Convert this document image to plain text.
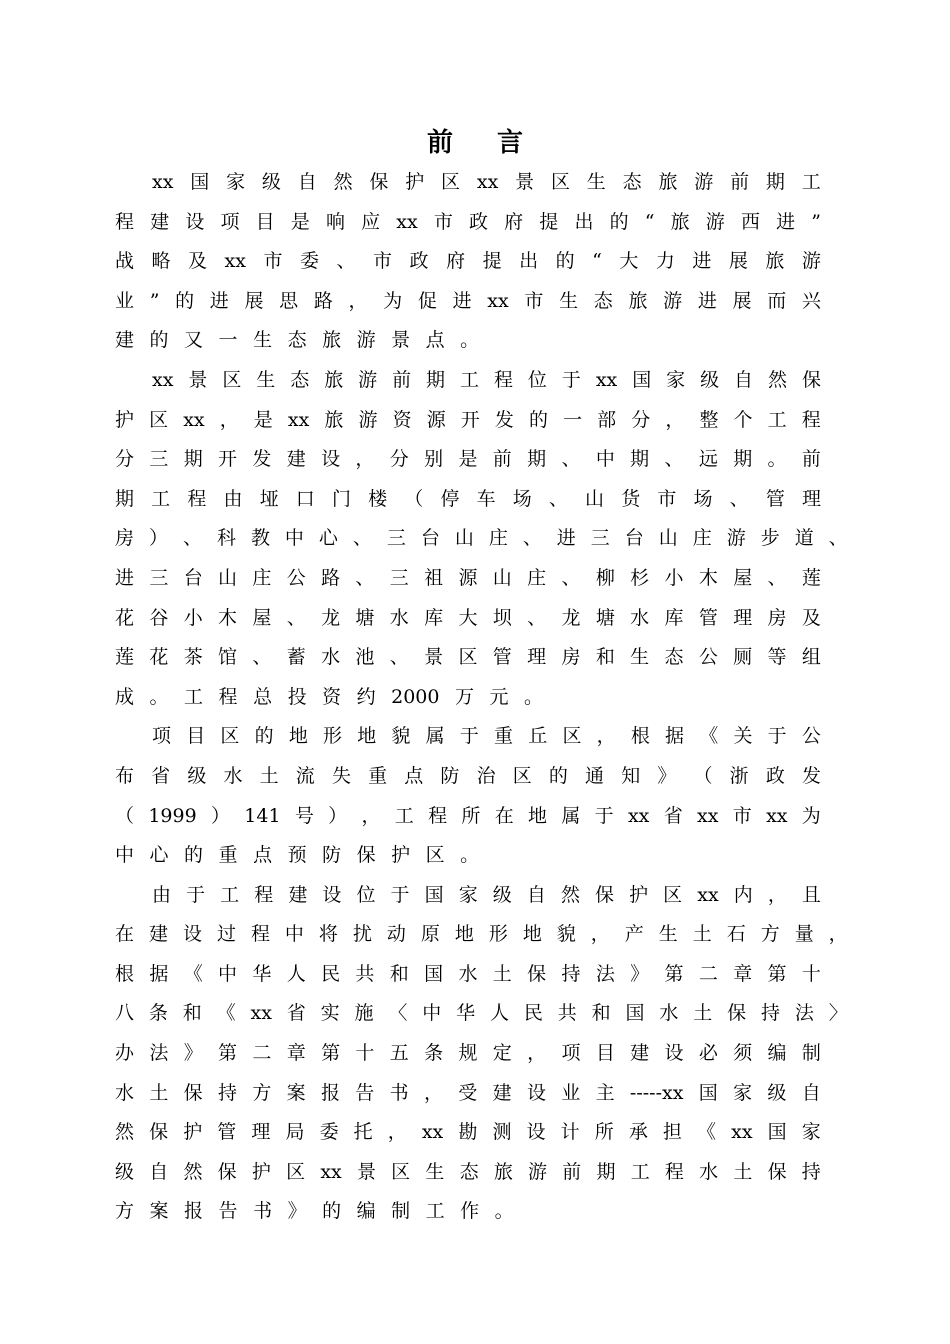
前言
xx 国 家 级 自 然 保 护 区 xx 景 区 生 态 旅 游 前 期 工
程 建 设 项 目 是 响 应 xx 市 政 府 提 出 的 “ 旅 游 西 进 ”
战 略 及 xx 市 委 、 市 政 府 提 出 的 “ 大 力 进 展 旅 游
业 ” 的 进 展 思 路 ， 为 促 进 xx 市 生 态 旅 游 进 展 而 兴
建 的 又 一 生 态 旅 游 景 点 。
xx 景 区 生 态 旅 游 前 期 工 程 位 于 xx 国 家 级 自 然 保
护 区 xx ， 是 xx 旅 游 资 源 开 发 的 一 部 分 ， 整 个 工 程
分 三 期 开 发 建 设 ， 分 别 是 前 期 、 中 期 、 远 期 。 前
期 工 程 由 垭 口 门 楼 （ 停 车 场 、 山 货 市 场 、 管 理
房 ） 、 科 教 中 心 、 三 台 山 庄 、 进 三 台 山 庄 游 步 道 、
进 三 台 山 庄 公 路 、 三 祖 源 山 庄 、 柳 杉 小 木 屋 、 莲
花 谷 小 木 屋 、 龙 塘 水 库 大 坝 、 龙 塘 水 库 管 理 房 及
莲 花 茶 馆 、 蓄 水 池 、 景 区 管 理 房 和 生 态 公 厕 等 组
成 。 工 程 总 投 资 约 2000 万 元 。
项 目 区 的 地 形 地 貌 属 于 重 丘 区 ， 根 据 《 关 于 公
布 省 级 水 土 流 失 重 点 防 治 区 的 通 知 》 （ 浙 政 发
（ 1999 ） 141 号 ） ， 工 程 所 在 地 属 于 xx 省 xx 市 xx 为
中 心 的 重 点 预 防 保 护 区 。
由 于 工 程 建 设 位 于 国 家 级 自 然 保 护 区 xx 内 ， 且
在 建 设 过 程 中 将 扰 动 原 地 形 地 貌 ， 产 生 土 石 方 量 ，
根 据 《 中 华 人 民 共 和 国 水 土 保 持 法 》 第 二 章 第 十
八 条 和 《 xx 省 实 施 〈 中 华 人 民 共 和 国 水 土 保 持 法 〉
办 法 》 第 二 章 第 十 五 条 规 定 ， 项 目 建 设 必 须 编 制
水 土 保 持 方 案 报 告 书 ， 受 建 设 业 主 -----xx 国 家 级 自
然 保 护 管 理 局 委 托 ， xx 勘 测 设 计 所 承 担 《 xx 国 家
级 自 然 保 护 区 xx 景 区 生 态 旅 游 前 期 工 程 水 土 保 持
方 案 报 告 书 》 的 编 制 工 作 。
